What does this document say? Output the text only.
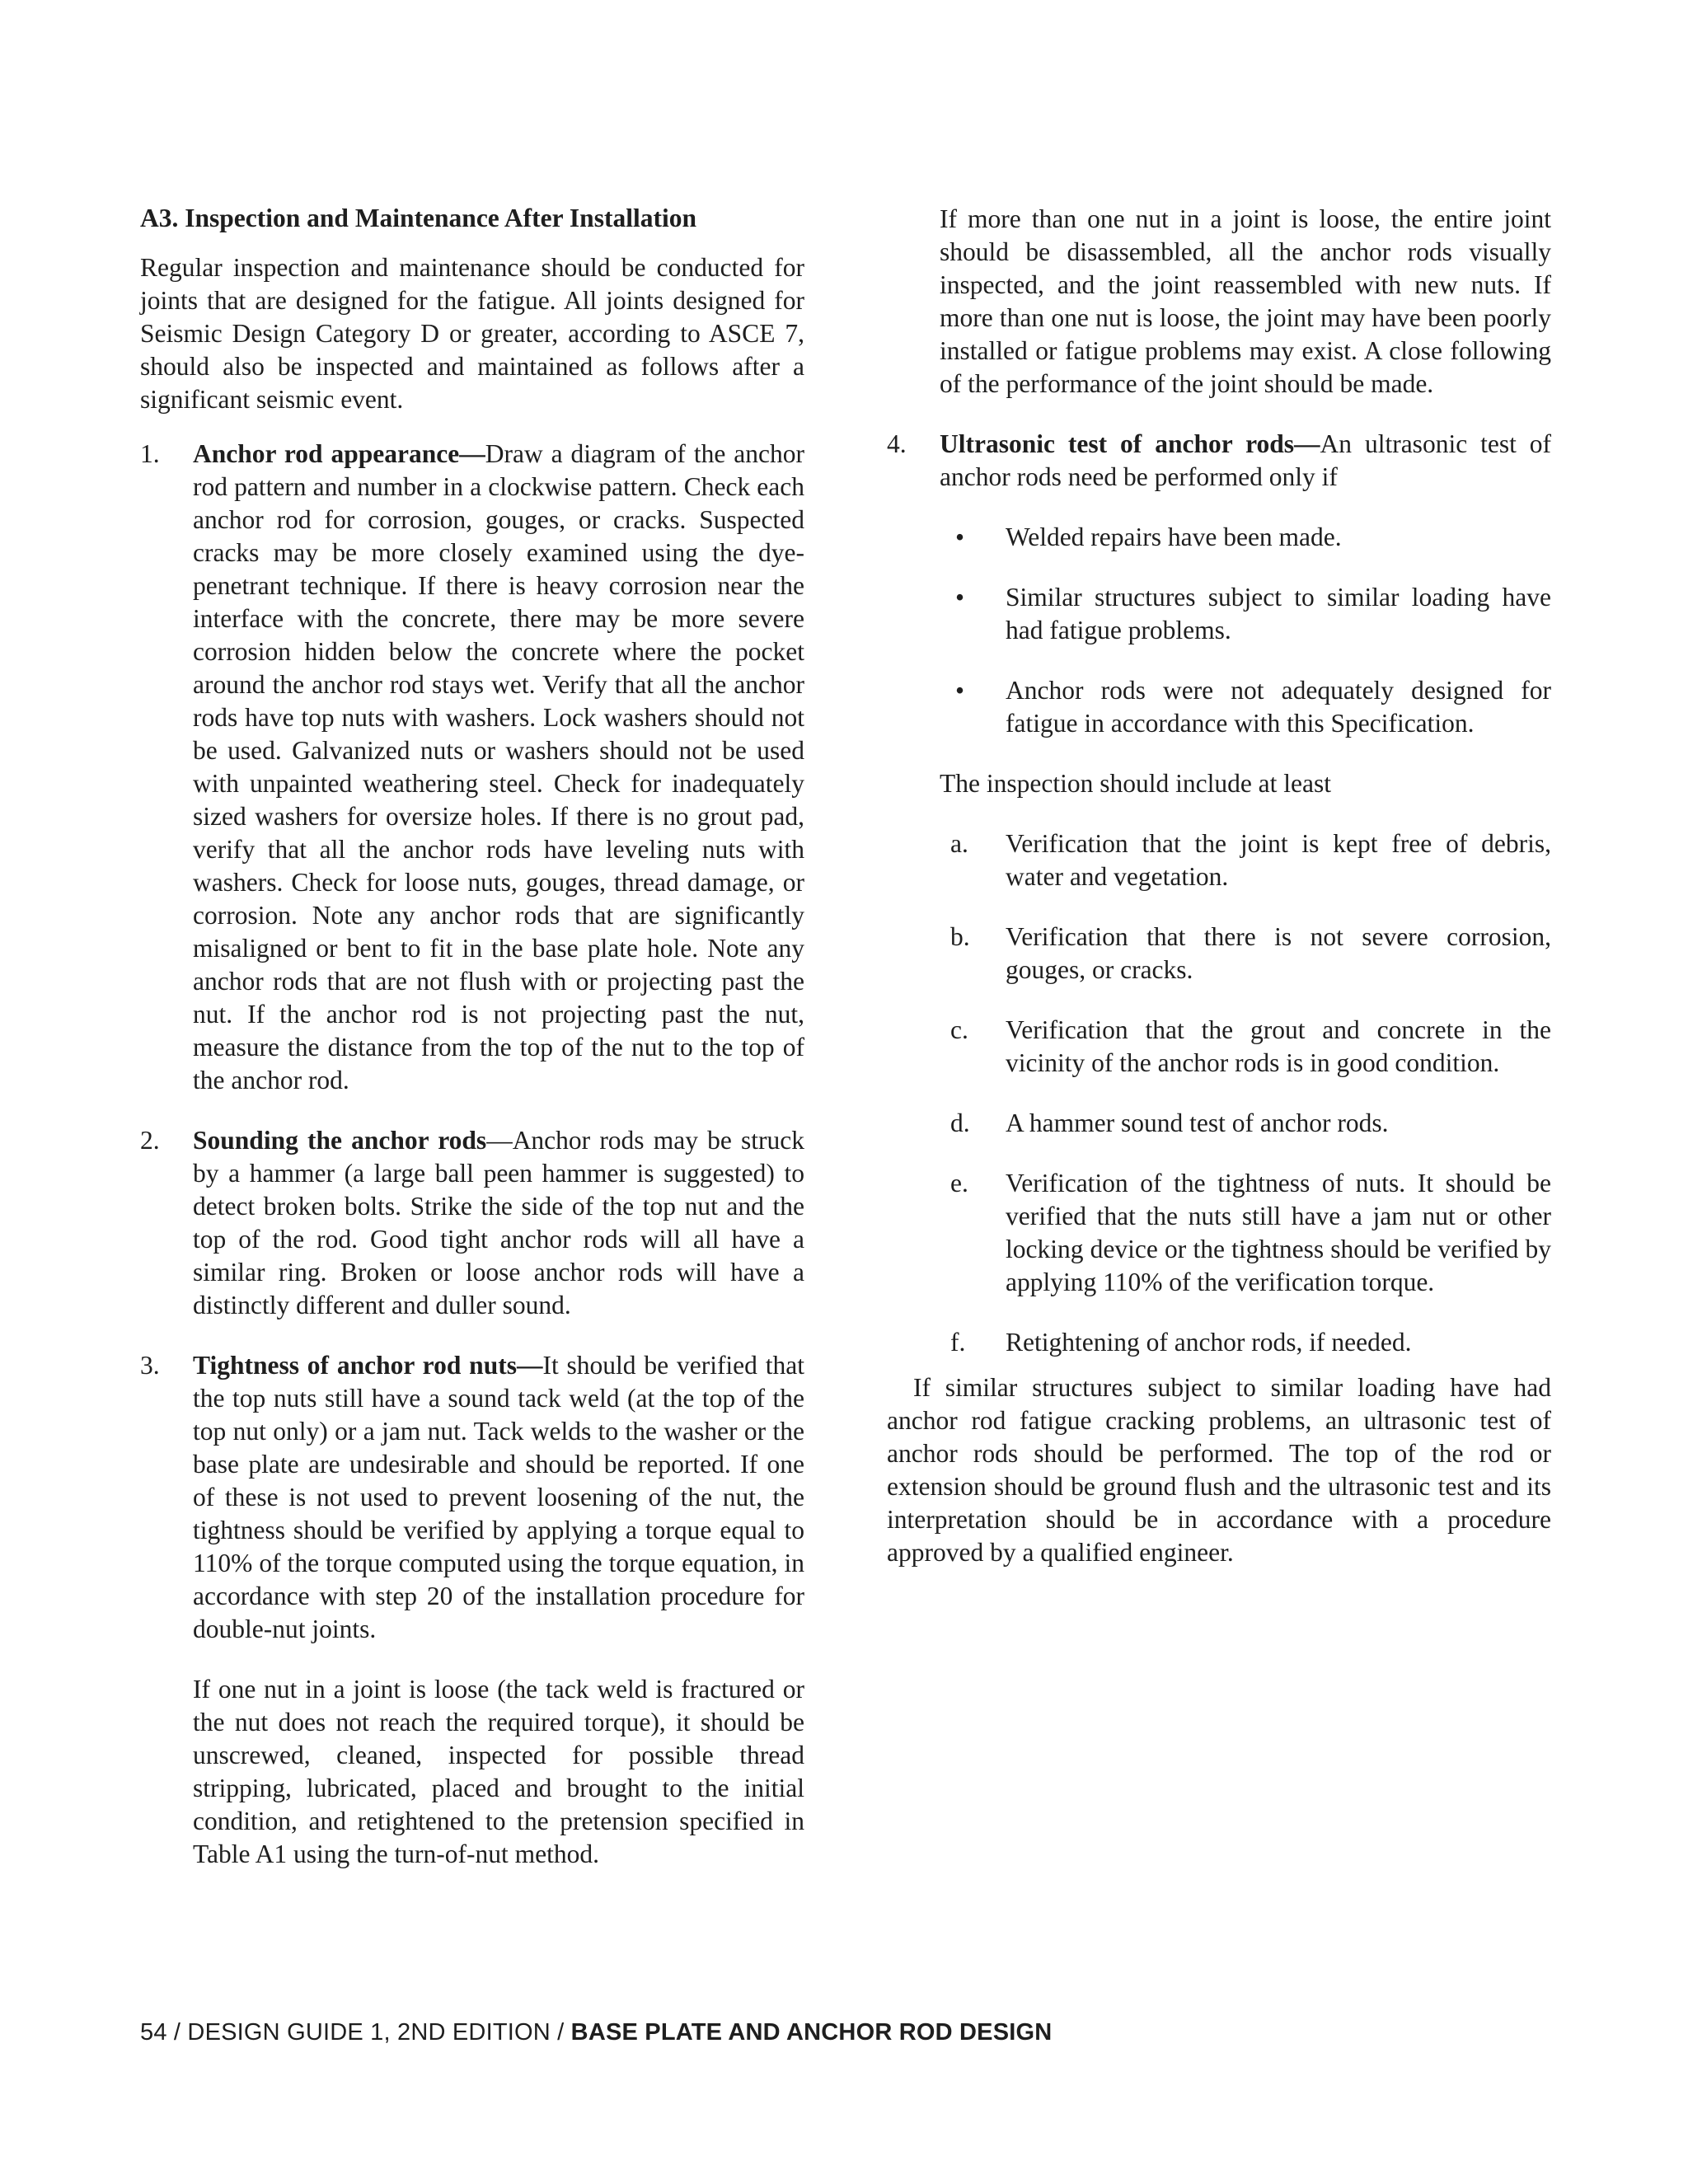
A3. Inspection and Maintenance After Installation

Regular inspection and maintenance should be conducted for joints that are designed for the fatigue. All joints designed for Seismic Design Category D or greater, according to ASCE 7, should also be inspected and maintained as follows after a significant seismic event.

1. Anchor rod appearance—Draw a diagram of the anchor rod pattern and number in a clockwise pattern. Check each anchor rod for corrosion, gouges, or cracks. Suspected cracks may be more closely examined using the dye-penetrant technique. If there is heavy corrosion near the interface with the concrete, there may be more severe corrosion hidden below the concrete where the pocket around the anchor rod stays wet. Verify that all the anchor rods have top nuts with washers. Lock washers should not be used. Galvanized nuts or washers should not be used with unpainted weathering steel. Check for inadequately sized washers for oversize holes. If there is no grout pad, verify that all the anchor rods have leveling nuts with washers. Check for loose nuts, gouges, thread damage, or corrosion. Note any anchor rods that are significantly misaligned or bent to fit in the base plate hole. Note any anchor rods that are not flush with or projecting past the nut. If the anchor rod is not projecting past the nut, measure the distance from the top of the nut to the top of the anchor rod.

2. Sounding the anchor rods—Anchor rods may be struck by a hammer (a large ball peen hammer is suggested) to detect broken bolts. Strike the side of the top nut and the top of the rod. Good tight anchor rods will all have a similar ring. Broken or loose anchor rods will have a distinctly different and duller sound.

3. Tightness of anchor rod nuts—It should be verified that the top nuts still have a sound tack weld (at the top of the top nut only) or a jam nut. Tack welds to the washer or the base plate are undesirable and should be reported. If one of these is not used to prevent loosening of the nut, the tightness should be verified by applying a torque equal to 110% of the torque computed using the torque equation, in accordance with step 20 of the installation procedure for double-nut joints.

If one nut in a joint is loose (the tack weld is fractured or the nut does not reach the required torque), it should be unscrewed, cleaned, inspected for possible thread stripping, lubricated, placed and brought to the initial condition, and retightened to the pretension specified in Table A1 using the turn-of-nut method.

If more than one nut in a joint is loose, the entire joint should be disassembled, all the anchor rods visually inspected, and the joint reassembled with new nuts. If more than one nut is loose, the joint may have been poorly installed or fatigue problems may exist. A close following of the performance of the joint should be made.

4. Ultrasonic test of anchor rods—An ultrasonic test of anchor rods need be performed only if

• Welded repairs have been made.

• Similar structures subject to similar loading have had fatigue problems.

• Anchor rods were not adequately designed for fatigue in accordance with this Specification.

The inspection should include at least

a. Verification that the joint is kept free of debris, water and vegetation.

b. Verification that there is not severe corrosion, gouges, or cracks.

c. Verification that the grout and concrete in the vicinity of the anchor rods is in good condition.

d. A hammer sound test of anchor rods.

e. Verification of the tightness of nuts. It should be verified that the nuts still have a jam nut or other locking device or the tightness should be verified by applying 110% of the verification torque.

f. Retightening of anchor rods, if needed.

If similar structures subject to similar loading have had anchor rod fatigue cracking problems, an ultrasonic test of anchor rods should be performed. The top of the rod or extension should be ground flush and the ultrasonic test and its interpretation should be in accordance with a procedure approved by a qualified engineer.

54 / DESIGN GUIDE 1, 2ND EDITION / BASE PLATE AND ANCHOR ROD DESIGN
